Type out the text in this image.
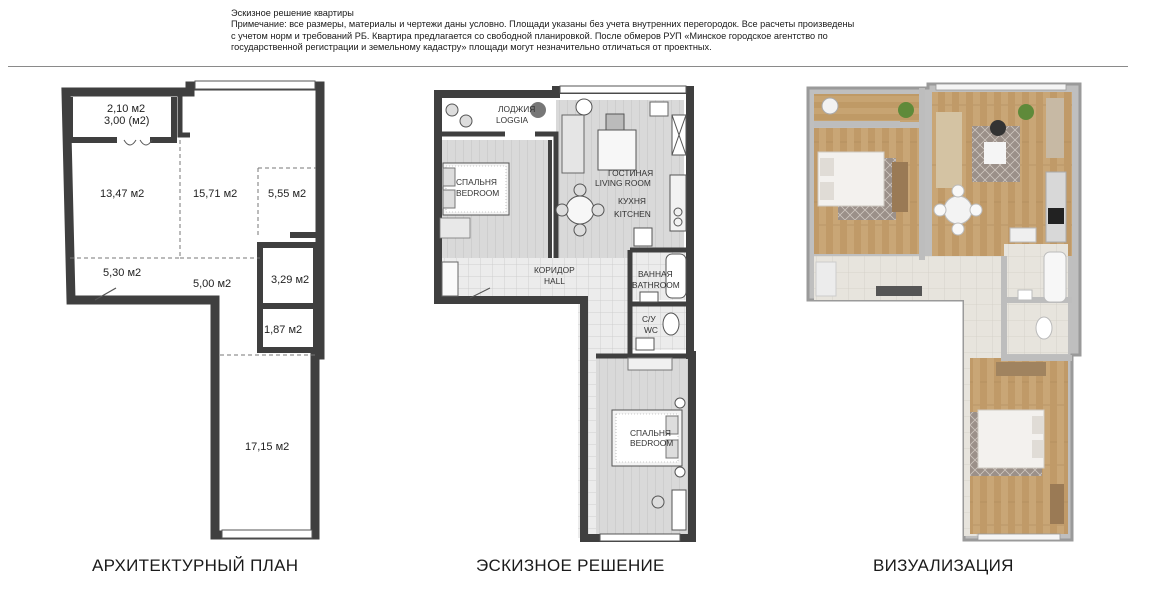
Эскизное решение квартиры
Примечание: все размеры, материалы и чертежи даны условно. Площади указаны без учета внутренних перегородок. Все расчеты произведены
с учетом норм и требований РБ. Квартира предлагается со свободной планировкой. После обмеров РУП «Минское городское агентство по
государственной регистрации и земельному кадастру» площади могут незначительно отличаться от проектных.
2,10 м2
3,00 (м2)
13,47 м2	15,71 м2	5,55 м2
5,30 м2
5,00 м2	3,29 м2
1,87 м2
17,15 м2
ЛОДЖИЯ
LOGGIA
СПАЛЬНЯ
BEDROOM
ГОСТИНАЯ
LIVING ROOM
КУХНЯ
KITCHEN
КОРИДОР
HALL
ВАННАЯ
BATHROOM
С/У
WC
СПАЛЬНЯ
BEDROOM
АРХИТЕКТУРНЫЙ ПЛАН	ЭСКИЗНОЕ РЕШЕНИЕ	ВИЗУАЛИЗАЦИЯ
